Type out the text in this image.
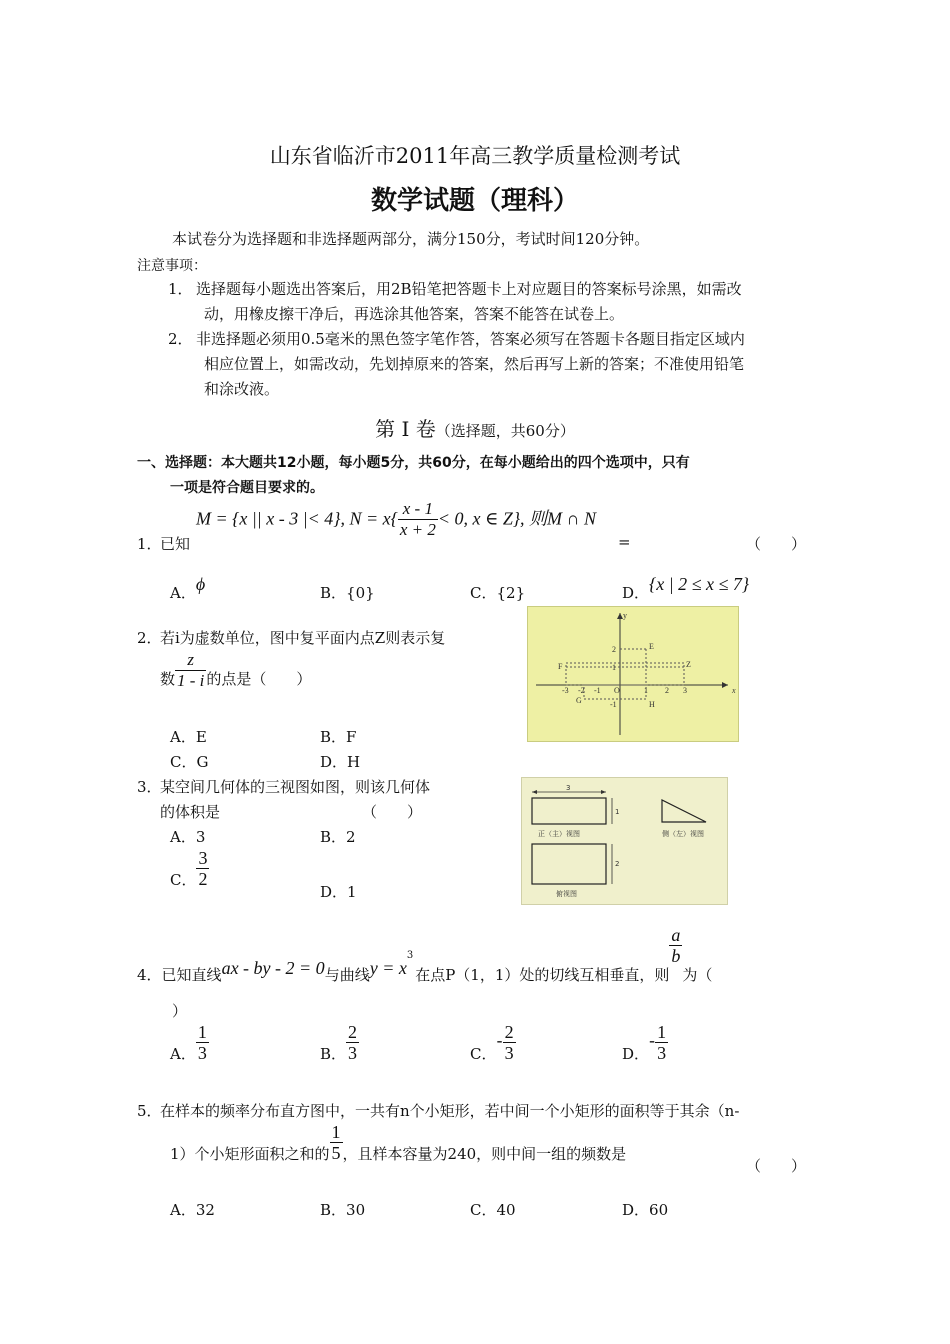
山东省临沂市2011年高三教学质量检测考试
数学试题（理科）
本试卷分为选择题和非选择题两部分，满分150分，考试时间120分钟。
注意事项：
1． 选择题每小题选出答案后，用2B铅笔把答题卡上对应题目的答案标号涂黑，如需改
动，用橡皮擦干净后，再选涂其他答案，答案不能答在试卷上。
2． 非选择题必须用0.5毫米的黑色签字笔作答，答案必须写在答题卡各题目指定区域内
相应位置上，如需改动，先划掉原来的答案，然后再写上新的答案；不准使用铅笔
和涂改液。
第 Ⅰ 卷（选择题，共60分）
一、选择题：本大题共12小题，每小题5分，共60分，在每小题给出的四个选项中，只有
一项是符合题目要求的。
M = {x || x - 3 |< 4}, $N = x\{ \frac{x - 1}{x + 2} < 0$, x ∈ Z}, 则M ∩ N
1．
已知	=	（　　）
A．ϕ	B．{0}	C．{2}	D．{x | 2 ≤ x ≤ 7}
2．
若i为虚数单位，图中复平面内点Z则表示复
数 $\frac{z}{1 - i}$ 的点是（　　）
A．E	B．F
C．G	D．H
x
y
O
-3 -2 -1	1 2 3
2
1
-1
E
F	Z
G	H
3．
某空间几何体的三视图如图，则该几何体
的体积是	（　　）
A．3	B．2
C． $\frac{3}{2}$
D．1
3
1
正（主）视图	侧（左）视图
2
俯视图
4．已知直线ax - by - 2 = 0与曲线$y = x^3$在点P（1，1）处的切线互相垂直，则
$\frac{a}{b}$
为（
）
A． $\frac{1}{3}$	B． $\frac{2}{3}$	C．- $\frac{2}{3}$	D．- $\frac{1}{3}$
5．
在样本的频率分布直方图中，一共有n个小矩形，若中间一个小矩形的面积等于其余（n-
1）个小矩形面积之和的 $\frac{1}{5}$ ，且样本容量为240，则中间一组的频数是
（　　）
A．32	B．30	C．40	D．60
